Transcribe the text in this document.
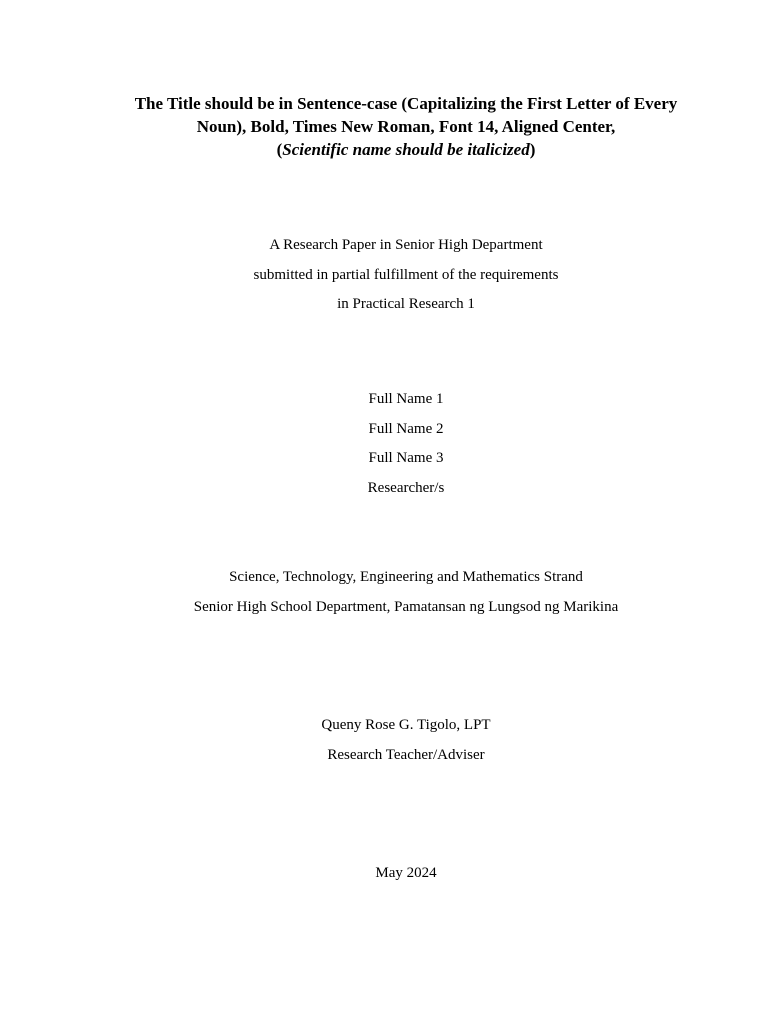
The Title should be in Sentence-case (Capitalizing the First Letter of Every Noun), Bold, Times New Roman, Font 14, Aligned Center,
(Scientific name should be italicized)

A Research Paper in Senior High Department

submitted in partial fulfillment of the requirements

in Practical Research 1

Full Name 1

Full Name 2

Full Name 3

Researcher/s

Science, Technology, Engineering and Mathematics Strand

Senior High School Department, Pamatansan ng Lungsod ng Marikina

Queny Rose G. Tigolo, LPT

Research Teacher/Adviser

May 2024
